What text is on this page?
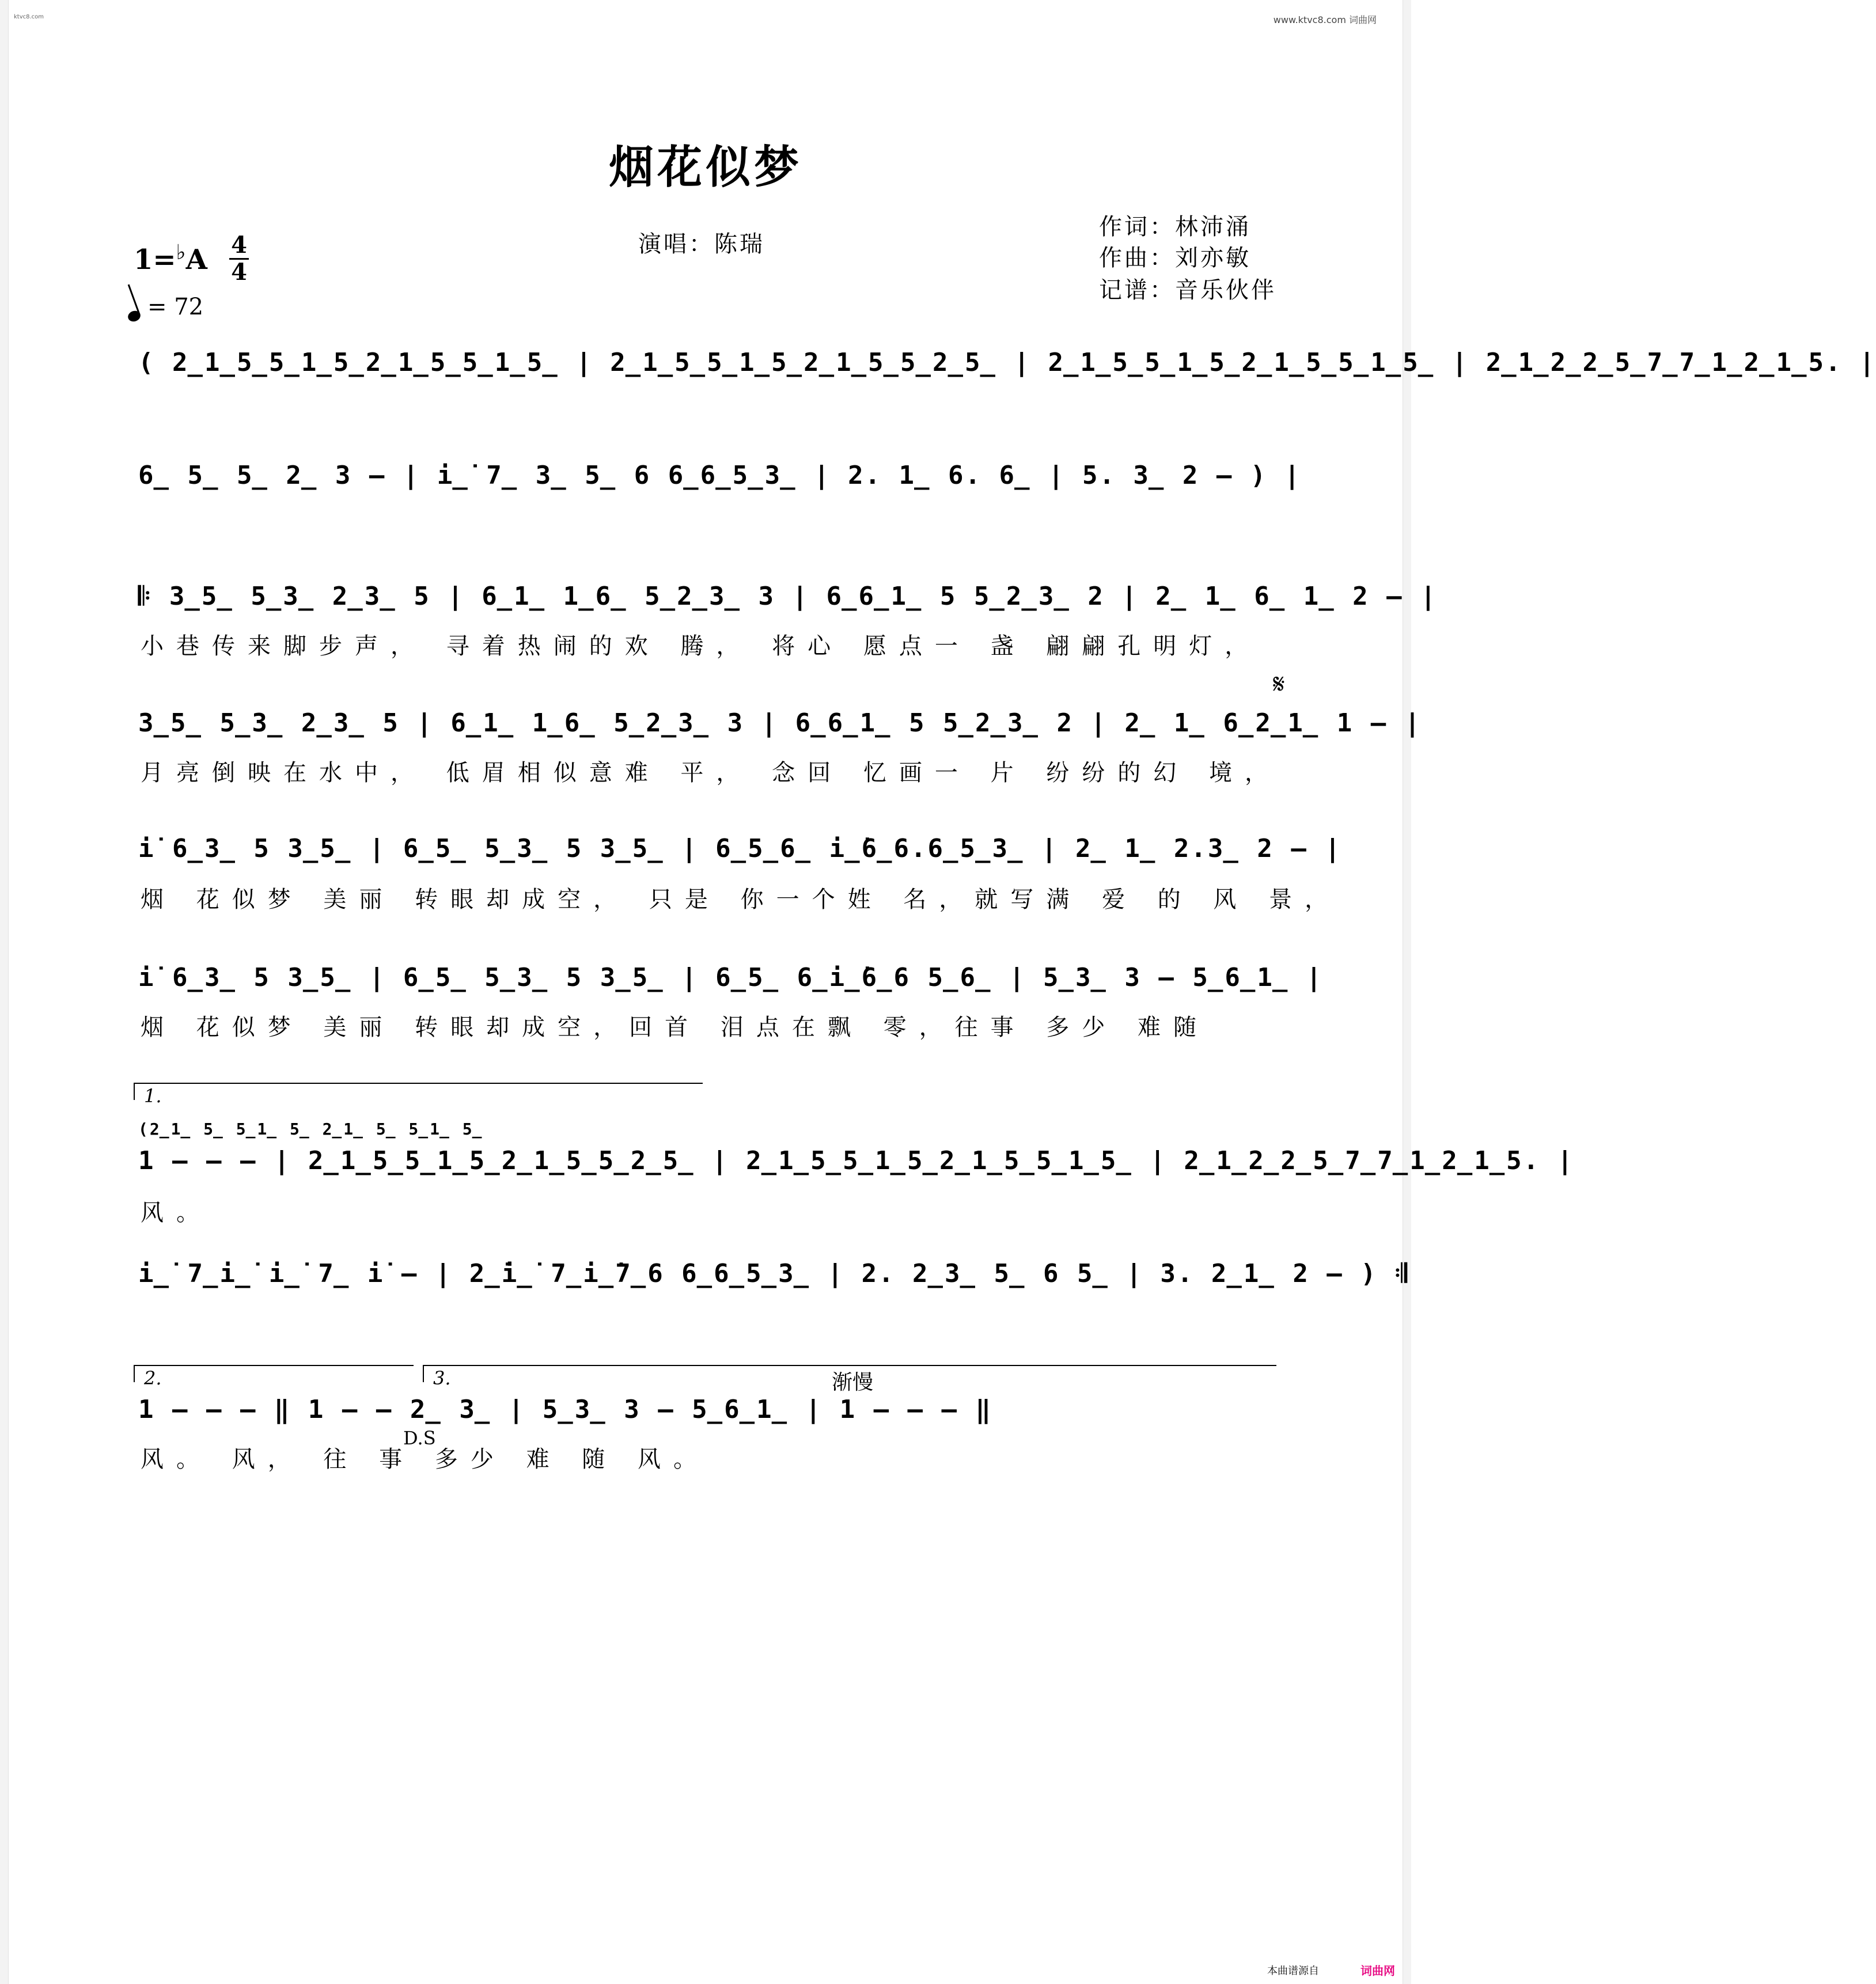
ktvc8.com	www.ktvc8.com 词曲网
烟花似梦
1=♭A 4
4
= 72
演唱：陈瑞
作词：林沛涌
作曲：刘亦敏
记谱：音乐伙伴
( 2̲1̲5̲5̲1̲5̲2̲1̲5̲5̲1̲5̲ | 2̲1̲5̲5̲1̲5̲2̲1̲5̲5̲2̲5̲ | 2̲1̲5̲5̲1̲5̲2̲1̲5̲5̲1̲5̲ | 2̲1̲2̲2̲5̲7̲7̲1̲2̲1̲5. |
6̲ 5̲ 5̲ 2̲ 3 – | i̲̇ 7̲ 3̲ 5̲ 6 6̲6̲5̲3̲ | 2. 1̲ 6. 6̲ | 5. 3̲ 2 – ) |
𝄆 3̲5̲ 5̲3̲ 2̲3̲ 5 | 6̲1̲ 1̲6̲ 5̲2̲3̲ 3 | 6̲6̲1̲ 5 5̲2̲3̲ 2 | 2̲ 1̲ 6̲ 1̲ 2 – |
小巷传来脚步声， 寻着热闹的欢 腾， 将心 愿点一 盏 翩翩孔明灯，
3̲5̲ 5̲3̲ 2̲3̲ 5 | 6̲1̲ 1̲6̲ 5̲2̲3̲ 3 | 6̲6̲1̲ 5 5̲2̲3̲ 2 | 2̲ 1̲ 6̲2̲1̲ 1 – |
月亮倒映在水中， 低眉相似意难 平， 念回 忆画一 片 纷纷的幻 境，
𝄋
i̇ 6̲3̲ 5 3̲5̲ | 6̲5̲ 5̲3̲ 5 3̲5̲ | 6̲5̲6̲ i̲̇6̲6.6̲5̲3̲ | 2̲ 1̲ 2.3̲ 2 – |
烟 花似梦 美丽 转眼却成空， 只是 你一个姓 名，就写满 爱 的 风 景，
i̇ 6̲3̲ 5 3̲5̲ | 6̲5̲ 5̲3̲ 5 3̲5̲ | 6̲5̲ 6̲i̲̇6̲6 5̲6̲ | 5̲3̲ 3 – 5̲6̲1̲ |
烟 花似梦 美丽 转眼却成空，回首 泪点在飘 零，往事 多少 难随
1.
(2̲1̲ 5̲ 5̲1̲ 5̲ 2̲1̲ 5̲ 5̲1̲ 5̲
1 – – – | 2̲1̲5̲5̲1̲5̲2̲1̲5̲5̲2̲5̲ | 2̲1̲5̲5̲1̲5̲2̲1̲5̲5̲1̲5̲ | 2̲1̲2̲2̲5̲7̲7̲1̲2̲1̲5. |
风。
i̲̇ 7̲i̲̇ i̲̇ 7̲ i̇ – | 2̲̇i̲̇ 7̲i̲̇7̲6 6̲6̲5̲3̲ | 2. 2̲3̲ 5̲ 6 5̲ | 3. 2̲1̲ 2 – ) 𝄇
2.	3.	渐慢
1 – – – ‖ 1 – – 2̲ 3̲ | 5̲3̲ 3 – 5̲6̲1̲ | 1 – – – ‖
D.S
风。 风， 往 事 多少 难 随 风。
本曲谱源自	词曲网
